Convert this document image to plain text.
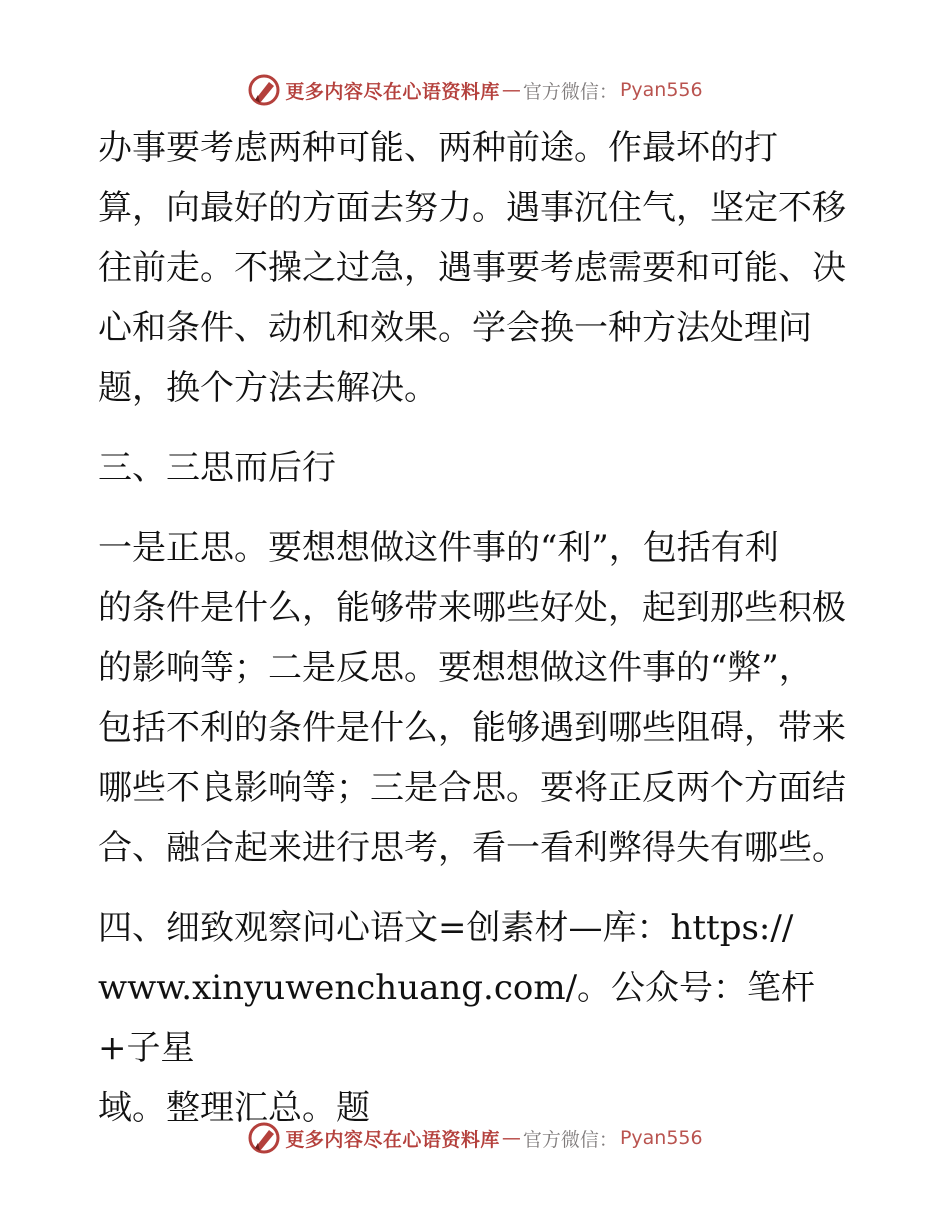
更多内容尽在心语资料库 — 官方微信： Pyan556
办事要考虑两种可能、两种前途。作最坏的打
算，向最好的方面去努力。遇事沉住气，坚定不移
往前走。不操之过急，遇事要考虑需要和可能、决
心和条件、动机和效果。学会换一种方法处理问
题，换个方法去解决。
三、三思而后行
一是正思。要想想做这件事的“利”，包括有利
的条件是什么，能够带来哪些好处，起到那些积极
的影响等；二是反思。要想想做这件事的“弊”，
包括不利的条件是什么，能够遇到哪些阻碍，带来
哪些不良影响等；三是合思。要将正反两个方面结
合、融合起来进行思考，看一看利弊得失有哪些。
四、细致观察问心语文=创素材—库：https://
www.xinyuwenchuang.com/。公众号：笔杆+子星
域。整理汇总。题
更多内容尽在心语资料库 — 官方微信： Pyan556
